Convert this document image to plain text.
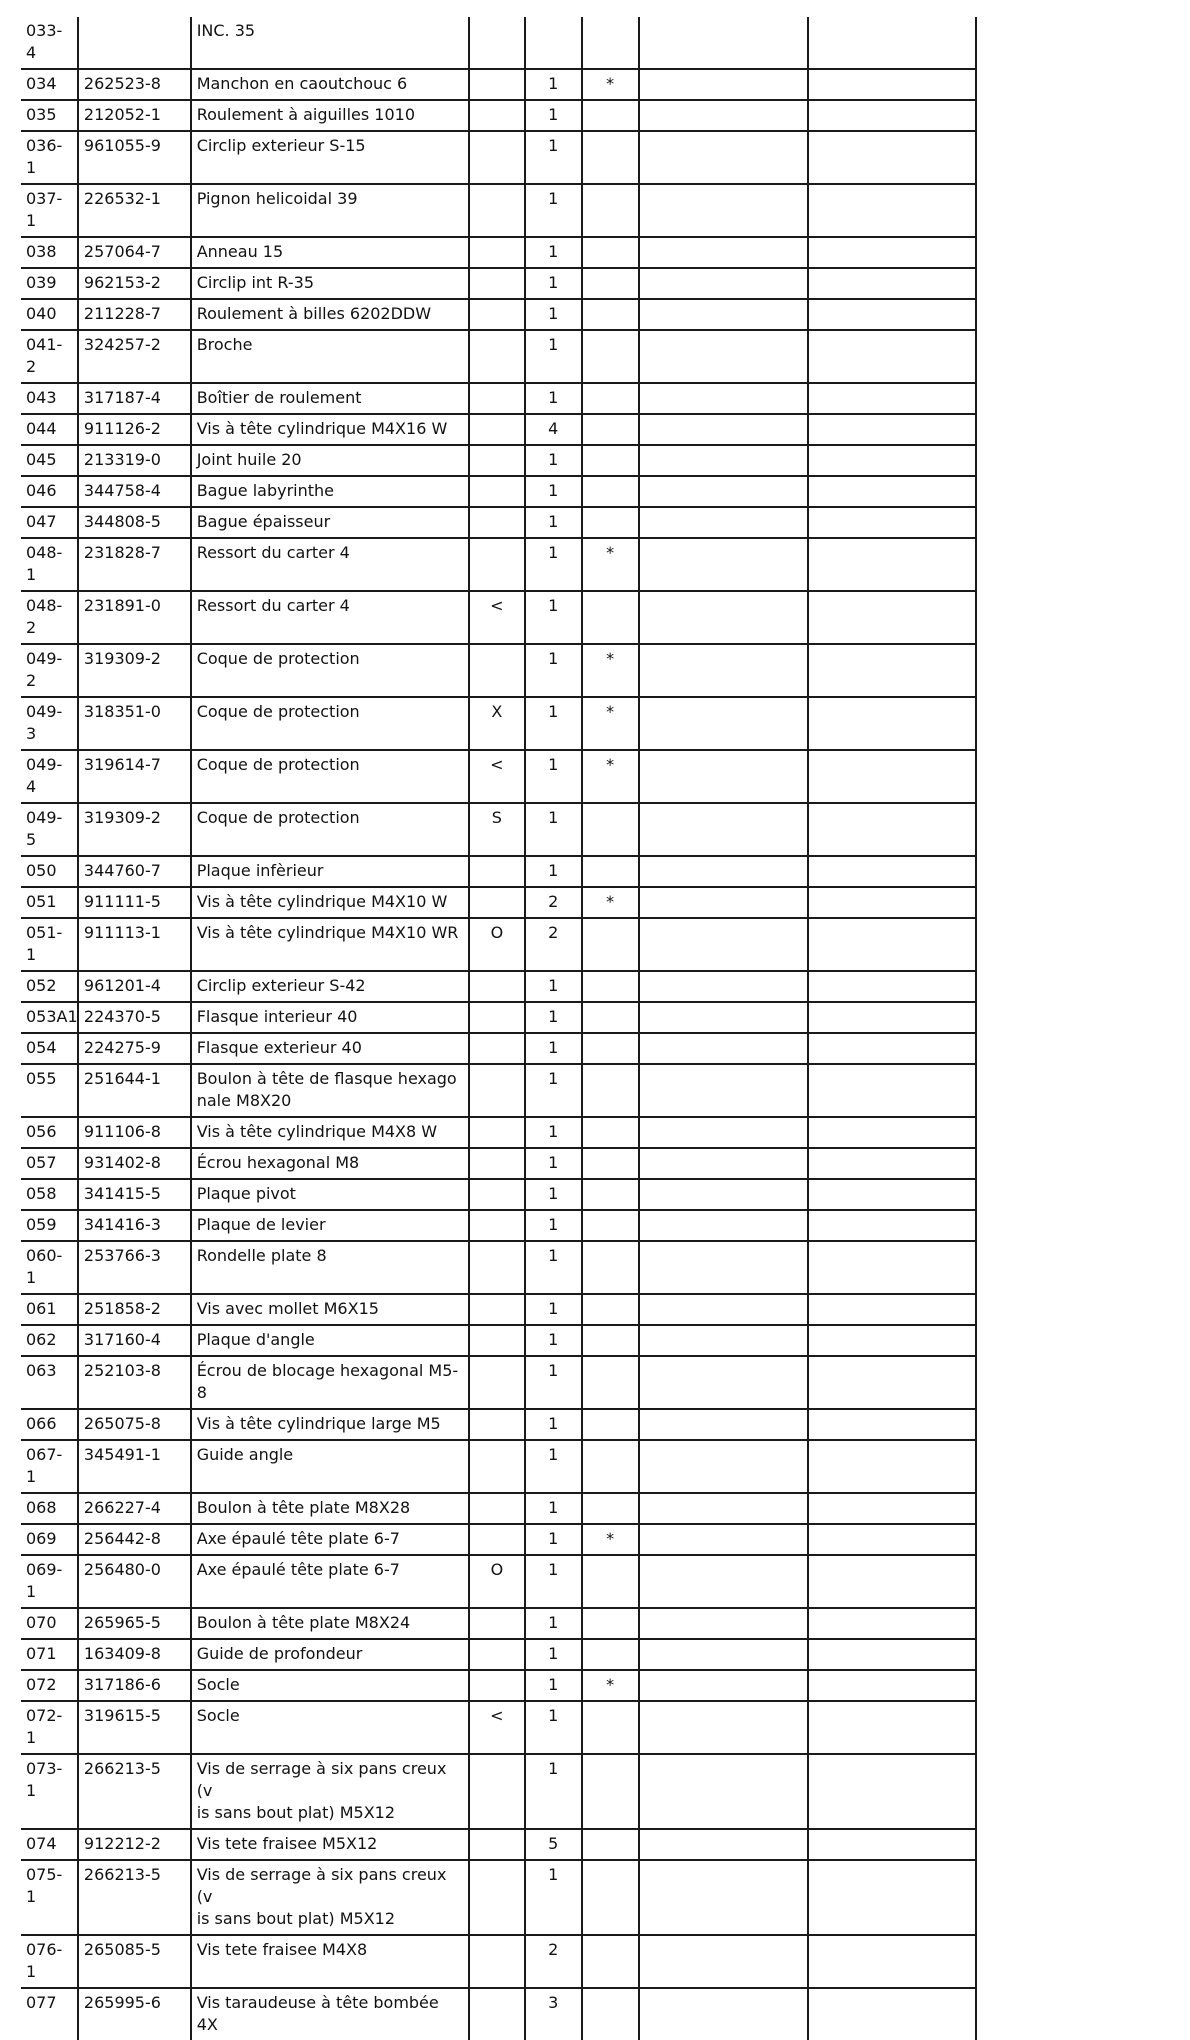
033-4		INC. 35					

034	262523-8	Manchon en caoutchouc 6		1	*		
035	212052-1	Roulement à aiguilles 1010		1			
036-1	961055-9	Circlip exterieur S-15		1			
037-1	226532-1	Pignon helicoidal 39		1			
038	257064-7	Anneau 15		1			
039	962153-2	Circlip int R-35		1			
040	211228-7	Roulement à billes 6202DDW		1			
041-2	324257-2	Broche		1			
043	317187-4	Boîtier de roulement		1			
044	911126-2	Vis à tête cylindrique M4X16 W		4			
045	213319-0	Joint huile 20		1			
046	344758-4	Bague labyrinthe		1			
047	344808-5	Bague épaisseur		1			
048-1	231828-7	Ressort du carter 4		1	*		
048-2	231891-0	Ressort du carter 4	<	1			
049-2	319309-2	Coque de protection		1	*		
049-3	318351-0	Coque de protection	X	1	*		
049-4	319614-7	Coque de protection	<	1	*		
049-5	319309-2	Coque de protection	S	1			
050	344760-7	Plaque infèrieur		1			
051	911111-5	Vis à tête cylindrique M4X10 W		2	*		
051-1	911113-1	Vis à tête cylindrique M4X10 WR	O	2			
052	961201-4	Circlip exterieur S-42		1			
053A1	224370-5	Flasque interieur 40		1			
054	224275-9	Flasque exterieur 40		1			
055	251644-1	Boulon à tête de flasque hexago
nale M8X20		1			
056	911106-8	Vis à tête cylindrique M4X8 W		1			
057	931402-8	Écrou hexagonal M8		1			
058	341415-5	Plaque pivot		1			
059	341416-3	Plaque de levier		1			
060-1	253766-3	Rondelle plate 8		1			
061	251858-2	Vis avec mollet M6X15		1			
062	317160-4	Plaque d'angle		1			
063	252103-8	Écrou de blocage hexagonal M5-
8		1			
066	265075-8	Vis à tête cylindrique large M5		1			
067-1	345491-1	Guide angle		1			
068	266227-4	Boulon à tête plate M8X28		1			
069	256442-8	Axe épaulé tête plate 6-7		1	*		
069-1	256480-0	Axe épaulé tête plate 6-7	O	1			
070	265965-5	Boulon à tête plate M8X24		1			
071	163409-8	Guide de profondeur		1			
072	317186-6	Socle		1	*		
072-1	319615-5	Socle	<	1			
073-1	266213-5	Vis de serrage à six pans creux (v
is sans bout plat) M5X12		1			
074	912212-2	Vis tete fraisee M5X12		5			
075-1	266213-5	Vis de serrage à six pans creux (v
is sans bout plat) M5X12		1			
076-1	265085-5	Vis tete fraisee M4X8		2			
077	265995-6	Vis taraudeuse à tête bombée 4X		3			
